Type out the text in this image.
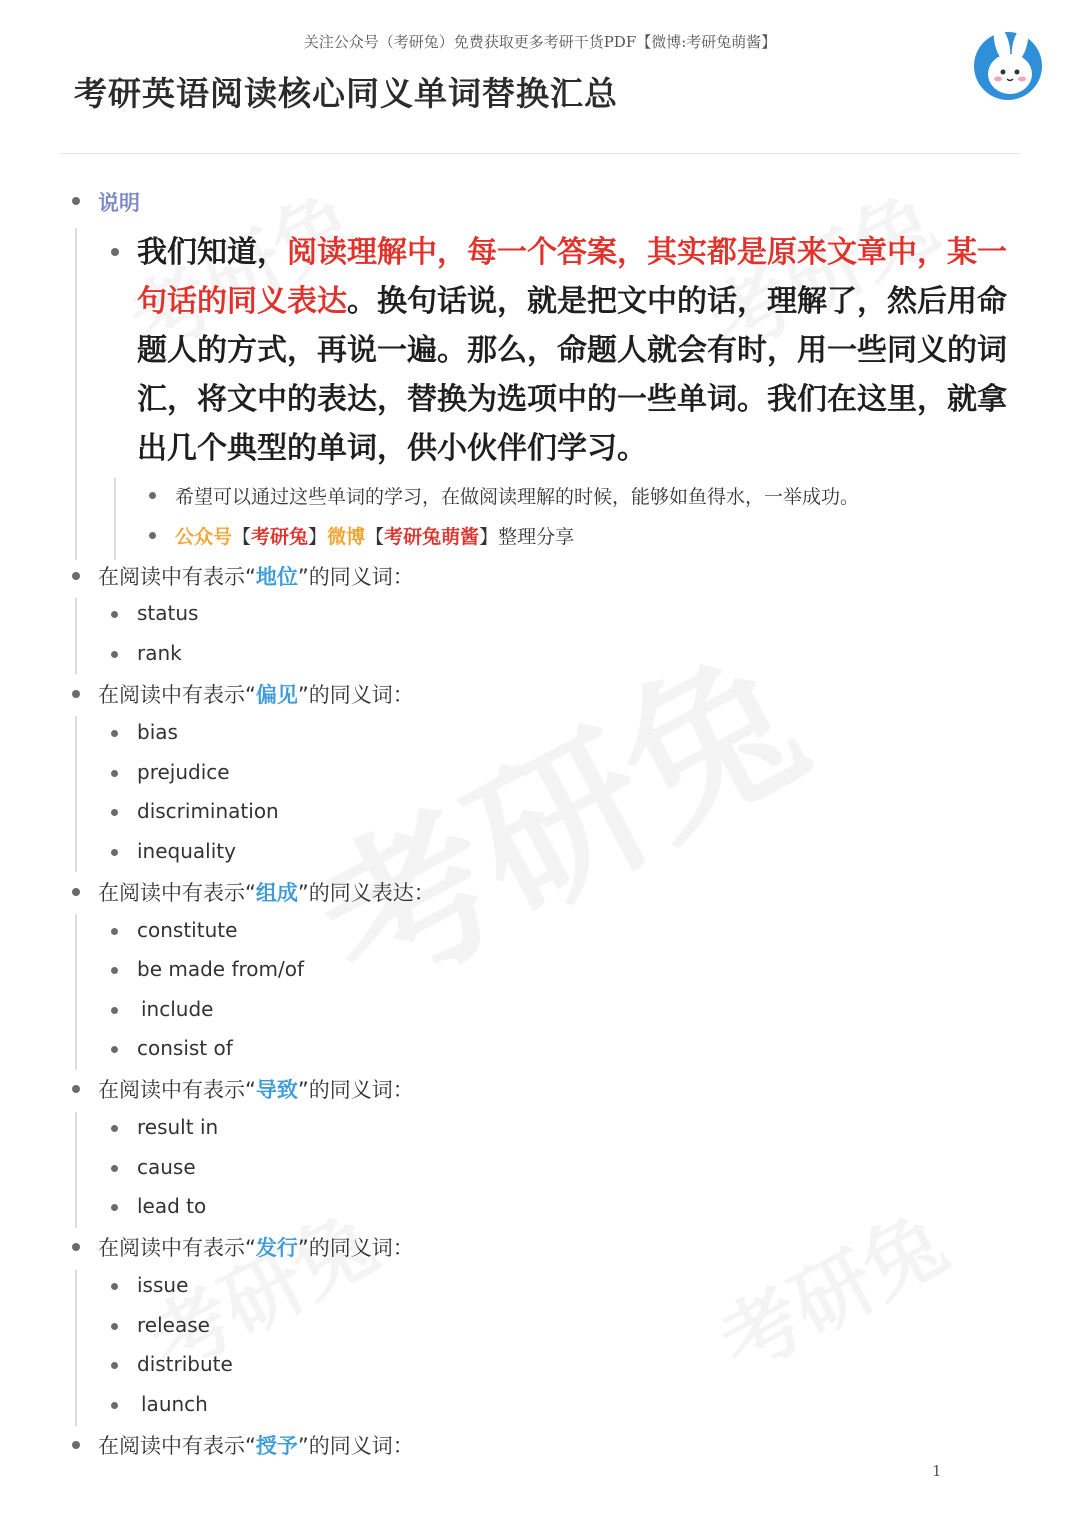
关注公众号（考研兔）免费获取更多考研干货PDF【微博:考研兔萌酱】
考研英语阅读核心同义单词替换汇总
说明
我们知道，阅读理解中，每一个答案，其实都是原来文章中，某一句话的同义表达。换句话说，就是把文中的话，理解了，然后用命题人的方式，再说一遍。那么，命题人就会有时，用一些同义的词汇，将文中的表达，替换为选项中的一些单词。我们在这里，就拿出几个典型的单词，供小伙伴们学习。
希望可以通过这些单词的学习，在做阅读理解的时候，能够如鱼得水，一举成功。
公众号【考研兔】微博【考研兔萌酱】整理分享
在阅读中有表示“地位”的同义词：
status
rank
在阅读中有表示“偏见”的同义词：
bias
prejudice
discrimination
inequality
在阅读中有表示“组成”的同义表达：
constitute
be made from/of
include
consist of
在阅读中有表示“导致”的同义词：
result in
cause
lead to
在阅读中有表示“发行”的同义词：
issue
release
distribute
launch
在阅读中有表示“授予”的同义词：
1
